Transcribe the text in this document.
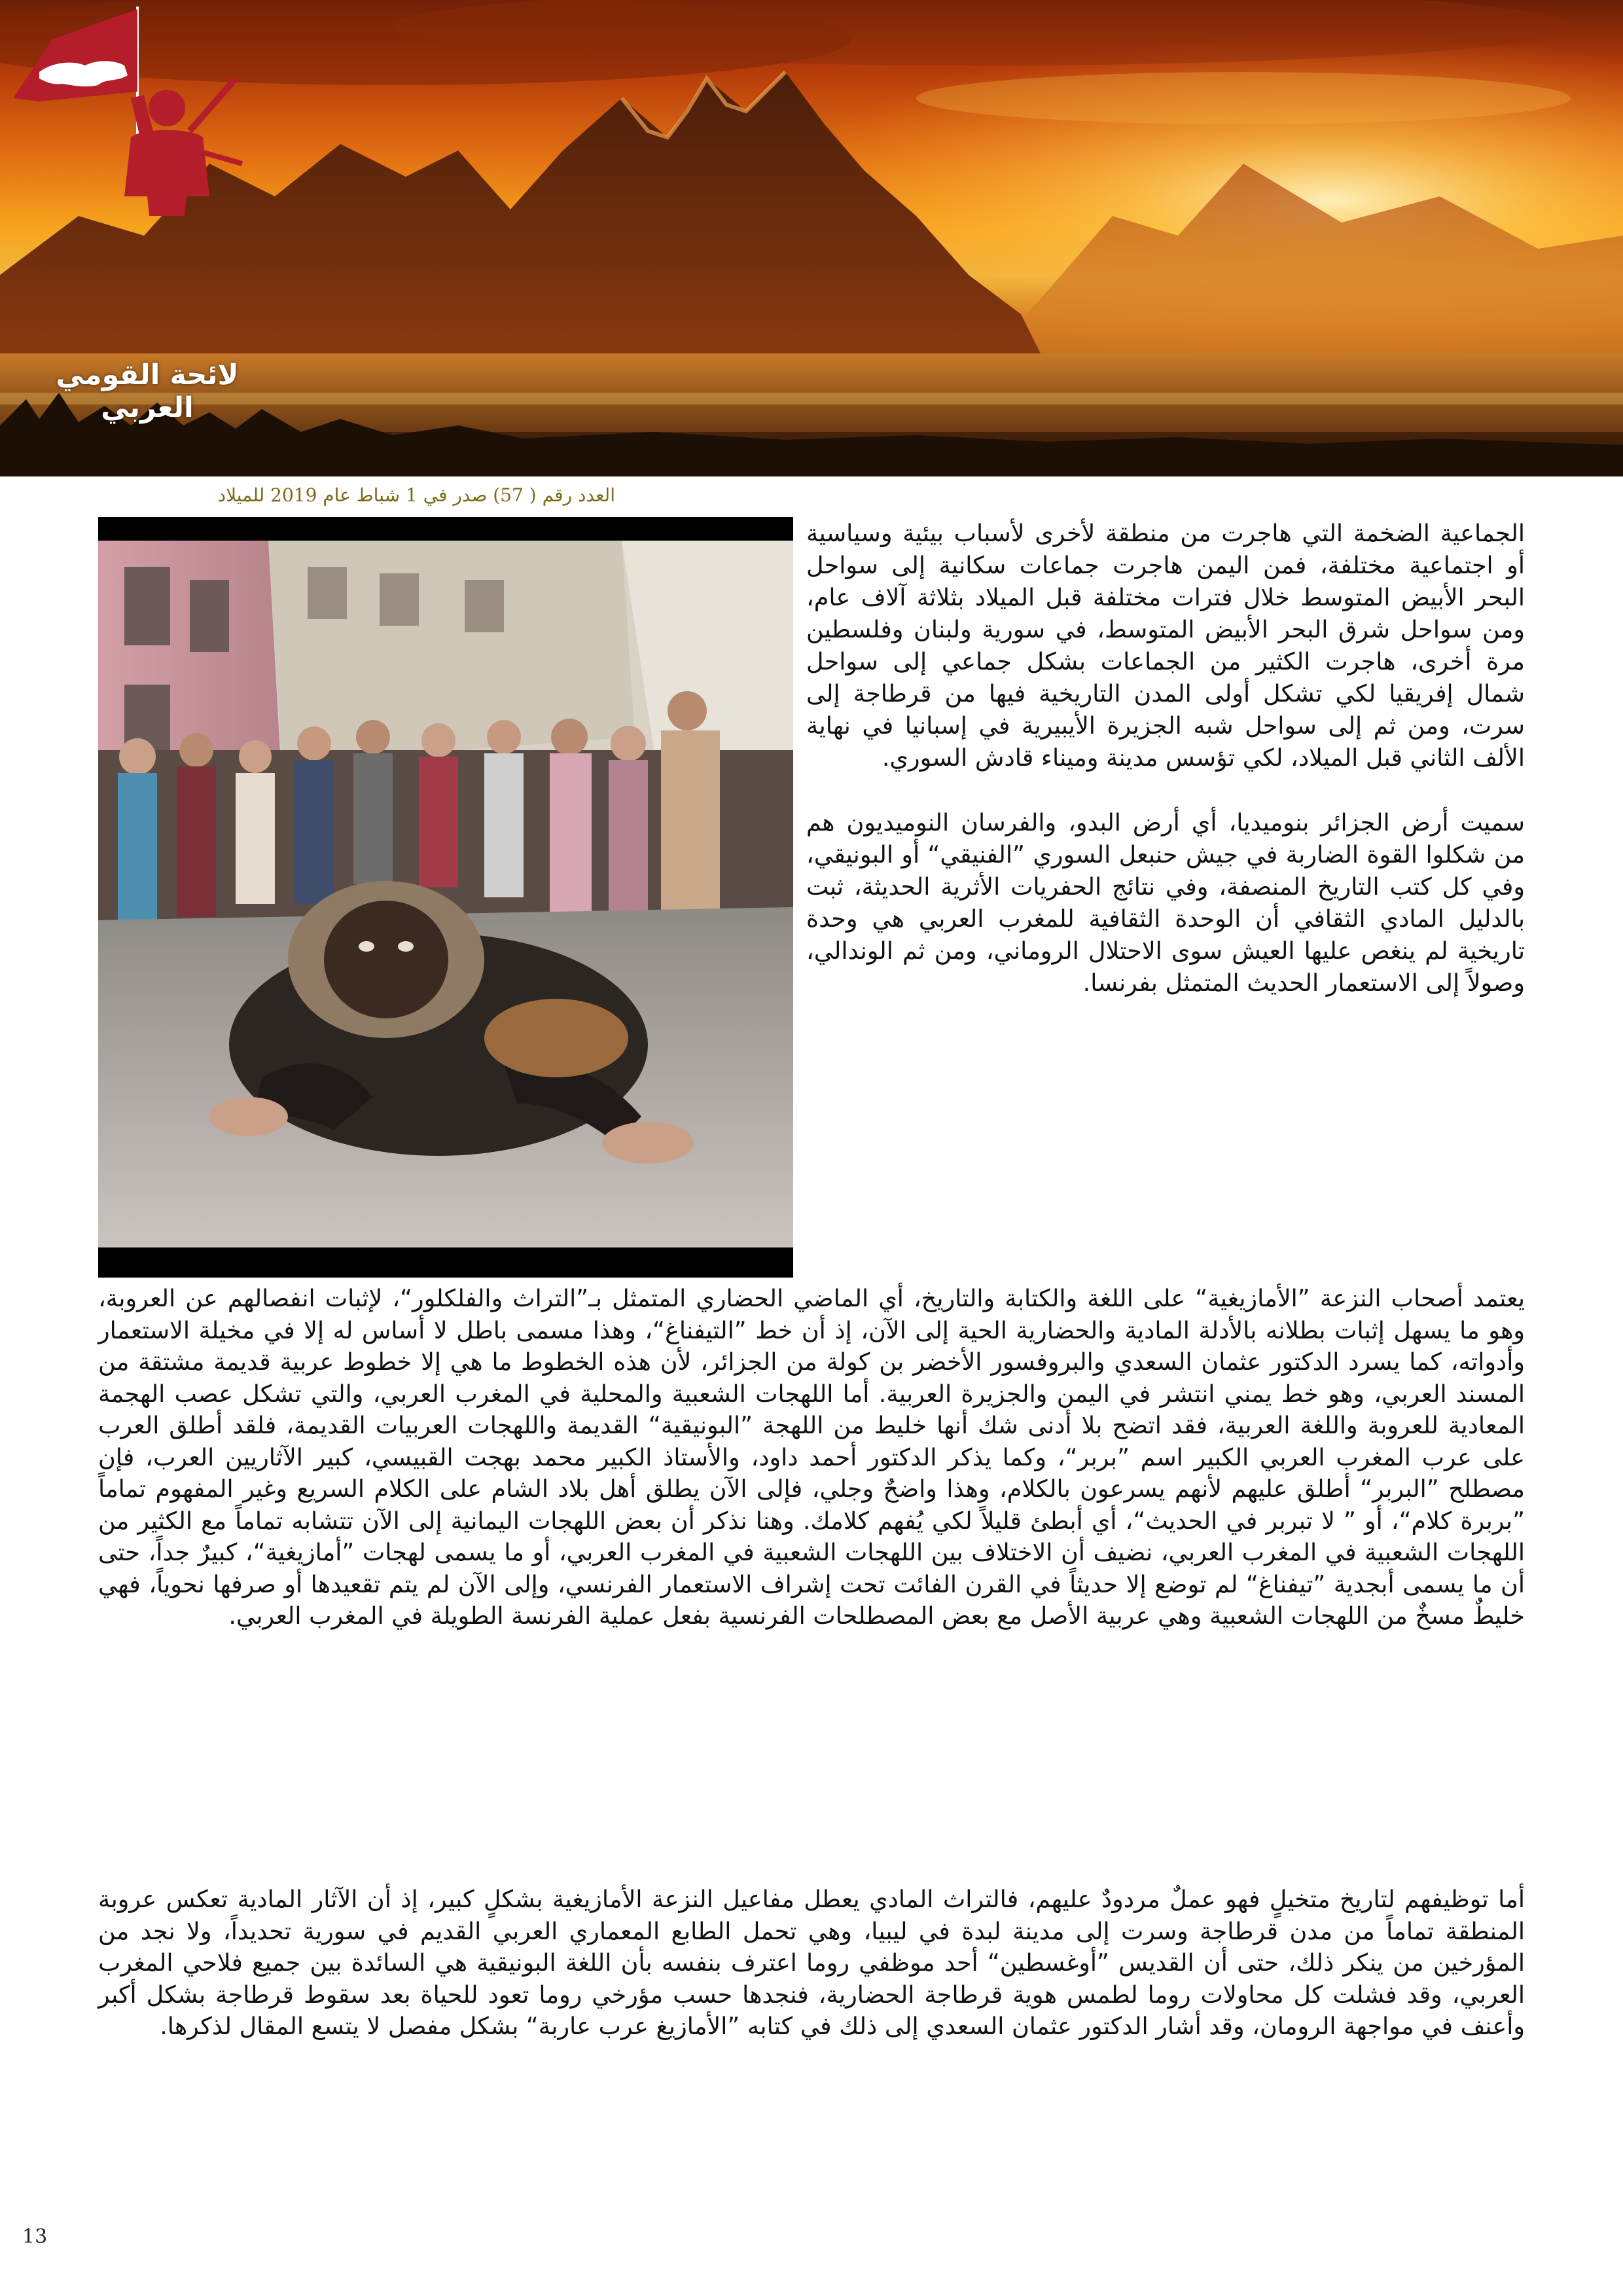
لائحة القومي العربي
العدد رقم ( 57) صدر في 1 شباط عام 2019 للميلاد

الجماعية الضخمة التي هاجرت من منطقة لأخرى لأسباب بيئية وسياسية أو اجتماعية مختلفة، فمن اليمن هاجرت جماعات سكانية إلى سواحل البحر الأبيض المتوسط خلال فترات مختلفة قبل الميلاد بثلاثة آلاف عام، ومن سواحل شرق البحر الأبيض المتوسط، في سورية ولبنان وفلسطين مرة أخرى، هاجرت الكثير من الجماعات بشكل جماعي إلى سواحل شمال إفريقيا لكي تشكل أولى المدن التاريخية فيها من قرطاجة إلى سرت، ومن ثم إلى سواحل شبه الجزيرة الأيبيرية في إسبانيا في نهاية الألف الثاني قبل الميلاد، لكي تؤسس مدينة وميناء قادش السوري.

سميت أرض الجزائر بنوميديا، أي أرض البدو، والفرسان النوميديون هم من شكلوا القوة الضاربة في جيش حنبعل السوري ”الفنيقي“ أو البونيقي، وفي كل كتب التاريخ المنصفة، وفي نتائج الحفريات الأثرية الحديثة، ثبت بالدليل المادي الثقافي أن الوحدة الثقافية للمغرب العربي هي وحدة تاريخية لم ينغص عليها العيش سوى الاحتلال الروماني، ومن ثم الوندالي، وصولاً إلى الاستعمار الحديث المتمثل بفرنسا.

يعتمد أصحاب النزعة ”الأمازيغية“ على اللغة والكتابة والتاريخ، أي الماضي الحضاري المتمثل بـ”التراث والفلكلور“، لإثبات انفصالهم عن العروبة، وهو ما يسهل إثبات بطلانه بالأدلة المادية والحضارية الحية إلى الآن، إذ أن خط ”التيفناغ“، وهذا مسمى باطل لا أساس له إلا في مخيلة الاستعمار وأدواته، كما يسرد الدكتور عثمان السعدي والبروفسور الأخضر بن كولة من الجزائر، لأن هذه الخطوط ما هي إلا خطوط عربية قديمة مشتقة من المسند العربي، وهو خط يمني انتشر في اليمن والجزيرة العربية. أما اللهجات الشعبية والمحلية في المغرب العربي، والتي تشكل عصب الهجمة المعادية للعروبة واللغة العربية، فقد اتضح بلا أدنى شك أنها خليط من اللهجة ”البونيقية“ القديمة واللهجات العربيات القديمة، فلقد أطلق العرب على عرب المغرب العربي الكبير اسم ”بربر“، وكما يذكر الدكتور أحمد داود، والأستاذ الكبير محمد بهجت القبيسي، كبير الآثاريين العرب، فإن مصطلح ”البربر“ أطلق عليهم لأنهم يسرعون بالكلام، وهذا واضحٌ وجلي، فإلى الآن يطلق أهل بلاد الشام على الكلام السريع وغير المفهوم تماماً ”بربرة كلام“، أو ” لا تبربر في الحديث“، أي أبطئ قليلاً لكي يُفهم كلامك. وهنا نذكر أن بعض اللهجات اليمانية إلى الآن تتشابه تماماً مع الكثير من اللهجات الشعبية في المغرب العربي، نضيف أن الاختلاف بين اللهجات الشعبية في المغرب العربي، أو ما يسمى لهجات ”أمازيغية“، كبيرٌ جداً، حتى أن ما يسمى أبجدية ”تيفناغ“ لم توضع إلا حديثاً في القرن الفائت تحت إشراف الاستعمار الفرنسي، وإلى الآن لم يتم تقعيدها أو صرفها نحوياً، فهي خليطٌ مسخٌ من اللهجات الشعبية وهي عربية الأصل مع بعض المصطلحات الفرنسية بفعل عملية الفرنسة الطويلة في المغرب العربي.

أما توظيفهم لتاريخ متخيلٍ فهو عملٌ مردودٌ عليهم، فالتراث المادي يعطل مفاعيل النزعة الأمازيغية بشكلٍ كبير، إذ أن الآثار المادية تعكس عروبة المنطقة تماماً من مدن قرطاجة وسرت إلى مدينة لبدة في ليبيا، وهي تحمل الطابع المعماري العربي القديم في سورية تحديداً، ولا نجد من المؤرخين من ينكر ذلك، حتى أن القديس ”أوغسطين“ أحد موظفي روما اعترف بنفسه بأن اللغة البونيقية هي السائدة بين جميع فلاحي المغرب العربي، وقد فشلت كل محاولات روما لطمس هوية قرطاجة الحضارية، فنجدها حسب مؤرخي روما تعود للحياة بعد سقوط قرطاجة بشكل أكبر وأعنف في مواجهة الرومان، وقد أشار الدكتور عثمان السعدي إلى ذلك في كتابه ”الأمازيغ عرب عاربة“ بشكل مفصل لا يتسع المقال لذكرها.

13
